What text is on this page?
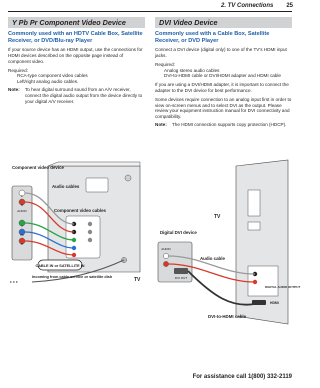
2. TV Connections 25
Y Pb Pr Component Video Device
Commonly used with an HDTV Cable Box, Satellite Receiver, or DVD/Blu-ray Player
If your source device has an HDMI output, use the connections for HDMI devices described on the opposite page instead of component video.
Required:
RCA-type component video cables
Left/right analog audio cables.
Note:	To hear digital surround sound from an A/V receiver, connect the digital audio output from the device directly to your digital A/V receiver.
L
R
AUDIO
Y
Pb
Pr
Component video device
Audio cables
Component video cables
CABLE IN or SATELLITE IN
Incoming from cable service or satellite dish	TV
DVI Video Device
Commonly used with a Cable Box, Satellite Receiver, or DVD Player
Connect a DVI device (digital only) to one of the TV's HDMI input jacks.
Required:
Analog stereo audio cables
DVI-to-HDMI cable or DVI/HDMI adapter and HDMI cable
If you are using a DVI/HDMI adapter, it is important to connect the adapter to the DVI device for best performance.
Some devices require connection to an analog input first in order to view on-screen menus and to select DVI as the output. Please review your equipment instruction manual for DVI connectivity and compatibility.
Note:	The HDMI connection supports copy protection (HDCP).
AUDIO
DVI OUT
Digital DVI device
Audio cable
TV
DVI-to-HDMI cable
DIGITAL AUDIO OUTPUT
HDMI
For assistance call 1(800) 332-2119
